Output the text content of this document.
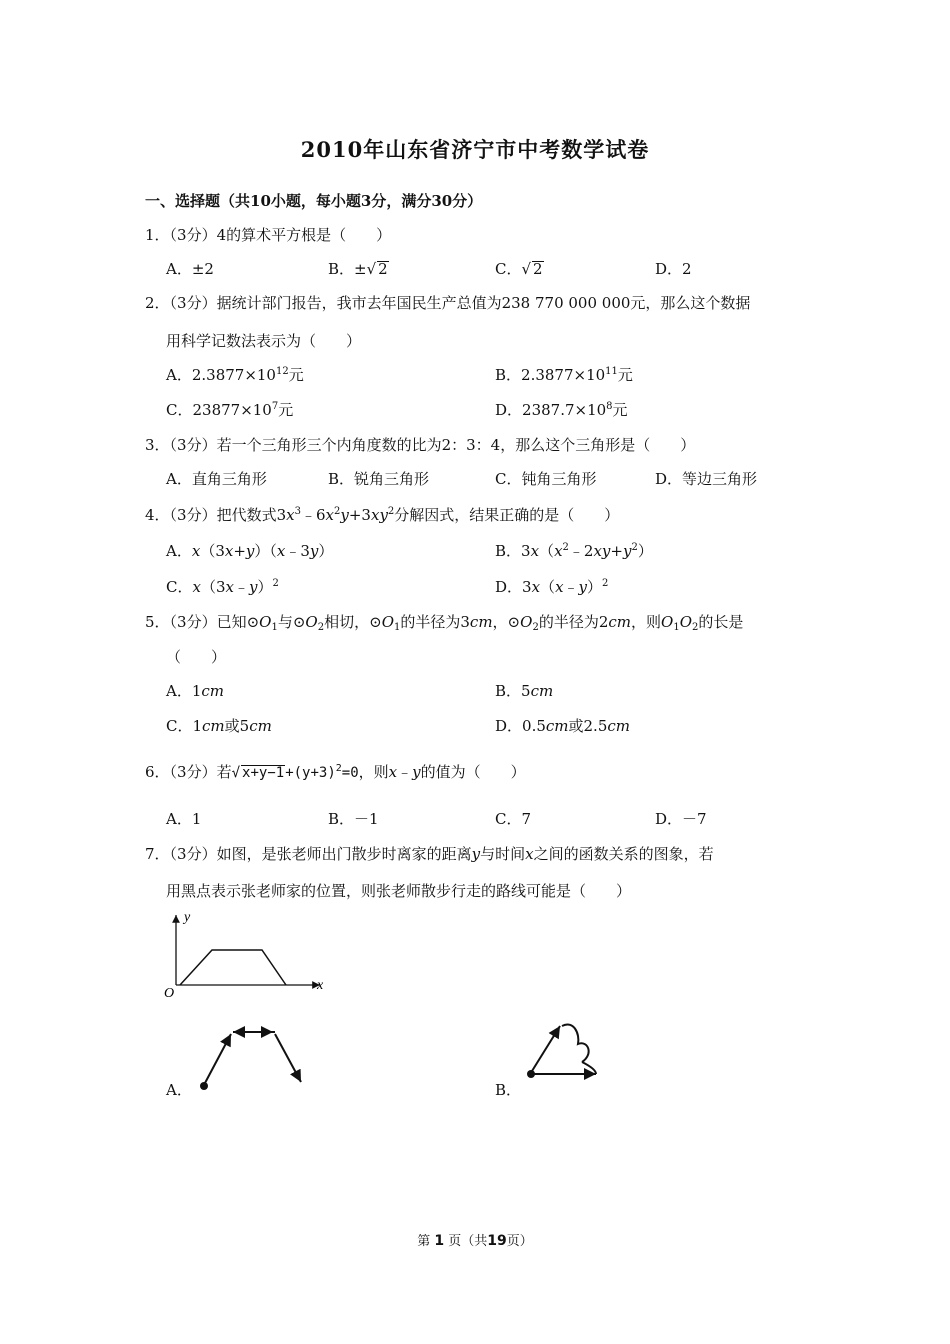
2010年山东省济宁市中考数学试卷
一、选择题（共10小题，每小题3分，满分30分）
1．（3分）4的算术平方根是（　　）
A．±2	B．±√ 2	C．√ 2	D．2
2．（3分）据统计部门报告，我市去年国民生产总值为238 770 000 000元，那么这个数据
用科学记数法表示为（　　）
A．$2.3877\times 10^{12}$元	B．$2.3877\times 10^{11}$元
C．$23877\times 10^7$元	D．$2387.7\times 10^8$元
3．（3分）若一个三角形三个内角度数的比为2：3：4，那么这个三角形是（　　）
A．直角三角形	B．锐角三角形	C．钝角三角形	D．等边三角形
4．（3分）把代数式$3x^3﹣6x^2y+3xy^2$分解因式，结果正确的是（　　）
A．x（3x+y）（x﹣3y）	B．$3x(x^2﹣2xy+y^2)$
C．x（3x﹣y）$^2$	D．3x（x﹣y）$^2$
5．（3分）已知$⊙O_1$与$⊙O_2$相切，$⊙O_1$的半径为3cm，$⊙O_2$的半径为2cm，则$O_1O_2$的长是
（　　）
A．1cm	B．5cm
C．1cm或5cm	D．0.5cm或2.5cm
6．（3分）若√ $x+y-1+(y+3)^2=0$，则x﹣y的值为（　　）
A．1	B．－1	C．7	D．－7
7．（3分）如图，是张老师出门散步时离家的距离y与时间x之间的函数关系的图象，若
用黑点表示张老师家的位置，则张老师散步行走的路线可能是（　　）
O
x
y
A．	B．
第 1 页（共19页）
